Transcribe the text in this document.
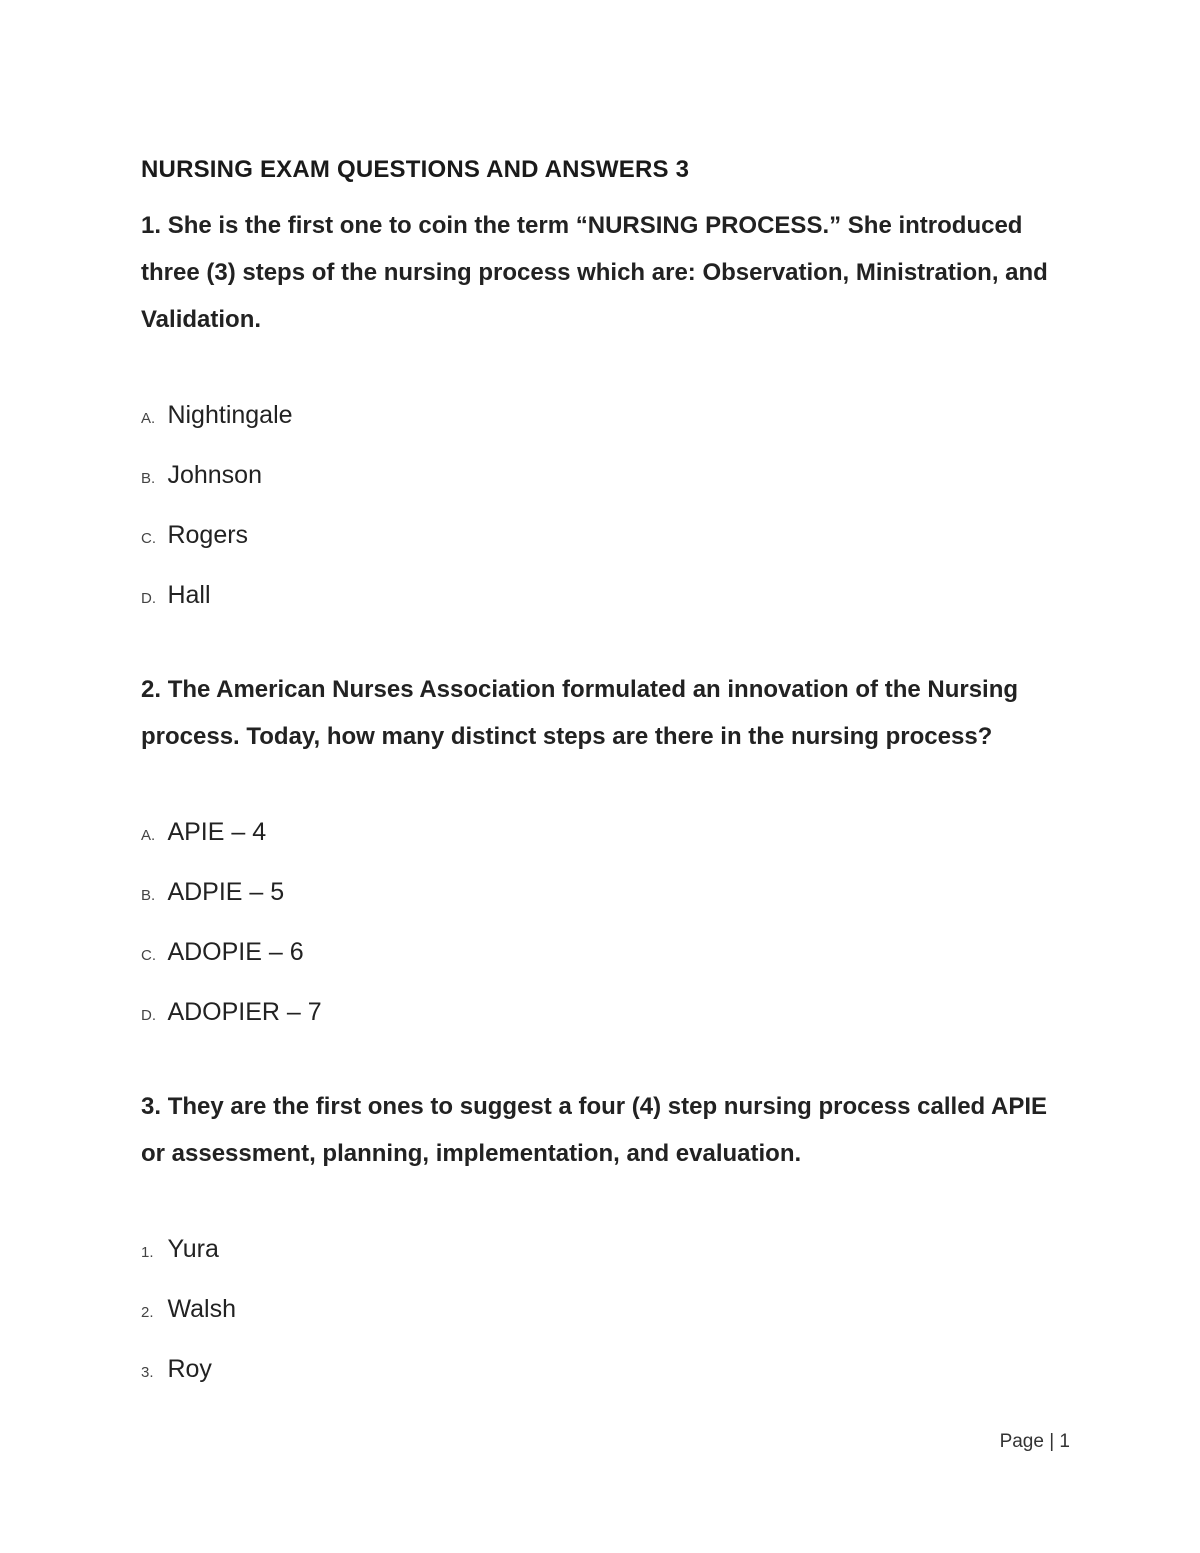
NURSING EXAM QUESTIONS AND ANSWERS 3

1. She is the first one to coin the term “NURSING PROCESS.” She introduced three (3) steps of the nursing process which are: Observation, Ministration, and Validation.

A. Nightingale
B. Johnson
C. Rogers
D. Hall

2. The American Nurses Association formulated an innovation of the Nursing process. Today, how many distinct steps are there in the nursing process?

A. APIE – 4
B. ADPIE – 5
C. ADOPIE – 6
D. ADOPIER – 7

3. They are the first ones to suggest a four (4) step nursing process called APIE or assessment, planning, implementation, and evaluation.

1. Yura
2. Walsh
3. Roy
Page | 1
